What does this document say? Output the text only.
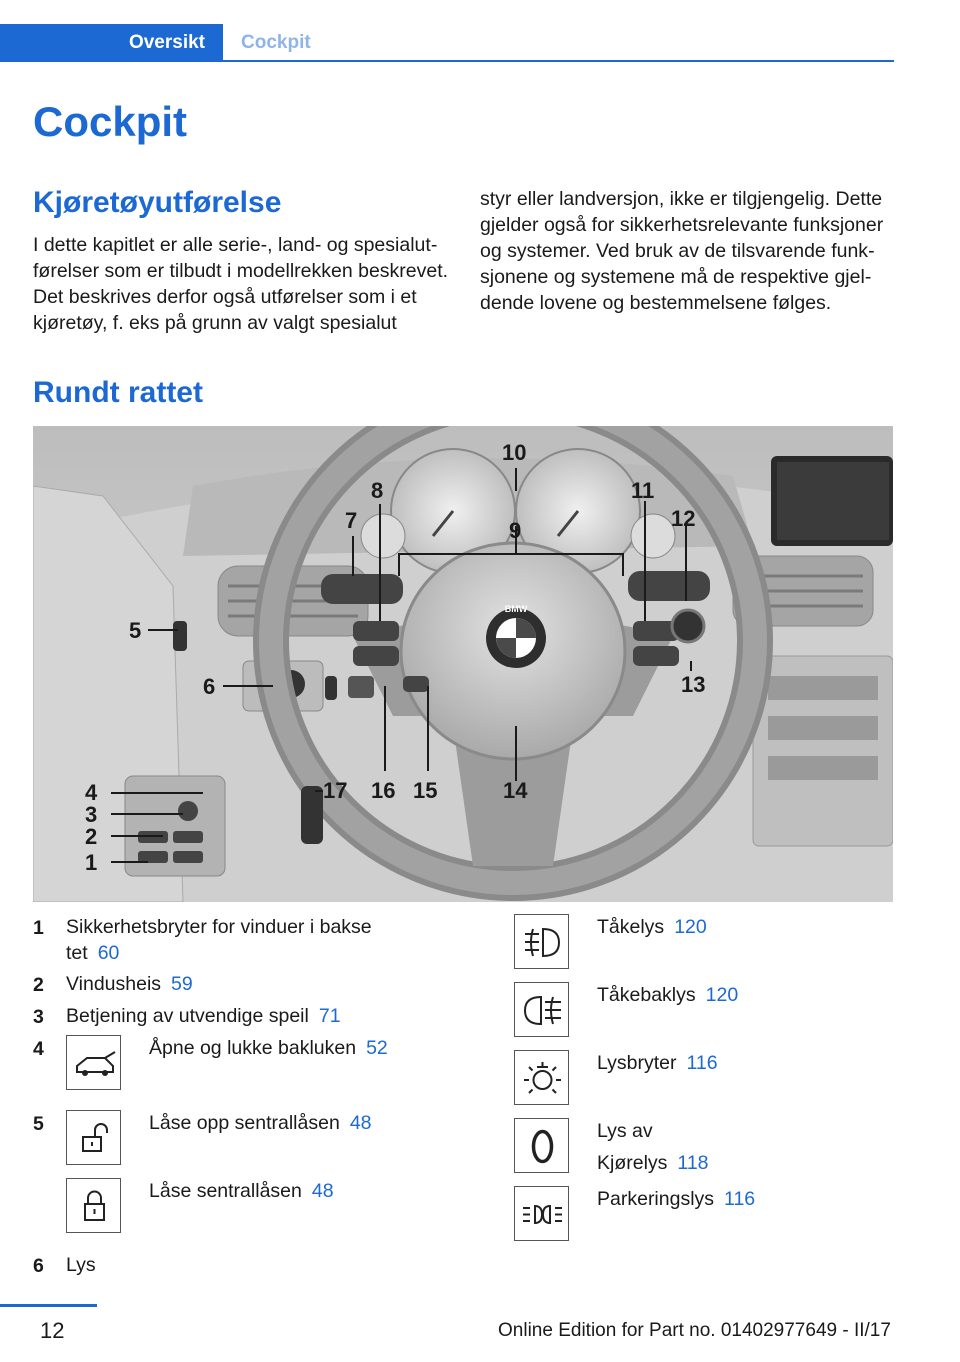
Oversikt	Cockpit
Cockpit
Kjøretøyutførelse
I dette kapitlet er alle serie-, land- og spesialutførelser som er tilbudt i modellrekken beskrevet. Det beskrives derfor også utførelser som i et kjøretøy, f. eks på grunn av valgt spesialut
styr eller landversjon, ikke er tilgjengelig. Dette gjelder også for sikkerhetsrelevante funksjoner og systemer. Ved bruk av de tilsvarende funksjonene og systemene må de respektive gjeldende lovene og bestemmelsene følges.
Rundt rattet
1
2
3
4
5
6
7
8
9
10
11
12
13
14
15
16
17
BMW
1 Sikkerhetsbryter for vinduer i bakse
tet 60
2 Vindusheis 59
3 Betjening av utvendige speil 71
4	Åpne og lukke bakluken 52
5	Låse opp sentrallåsen 48
Låse sentrallåsen 48
6 Lys
Tåkelys 120
Tåkebaklys 120
Lysbryter 116
Lys av
Kjørelys 118
Parkeringslys 116
12	Online Edition for Part no. 01402977649 - II/17
